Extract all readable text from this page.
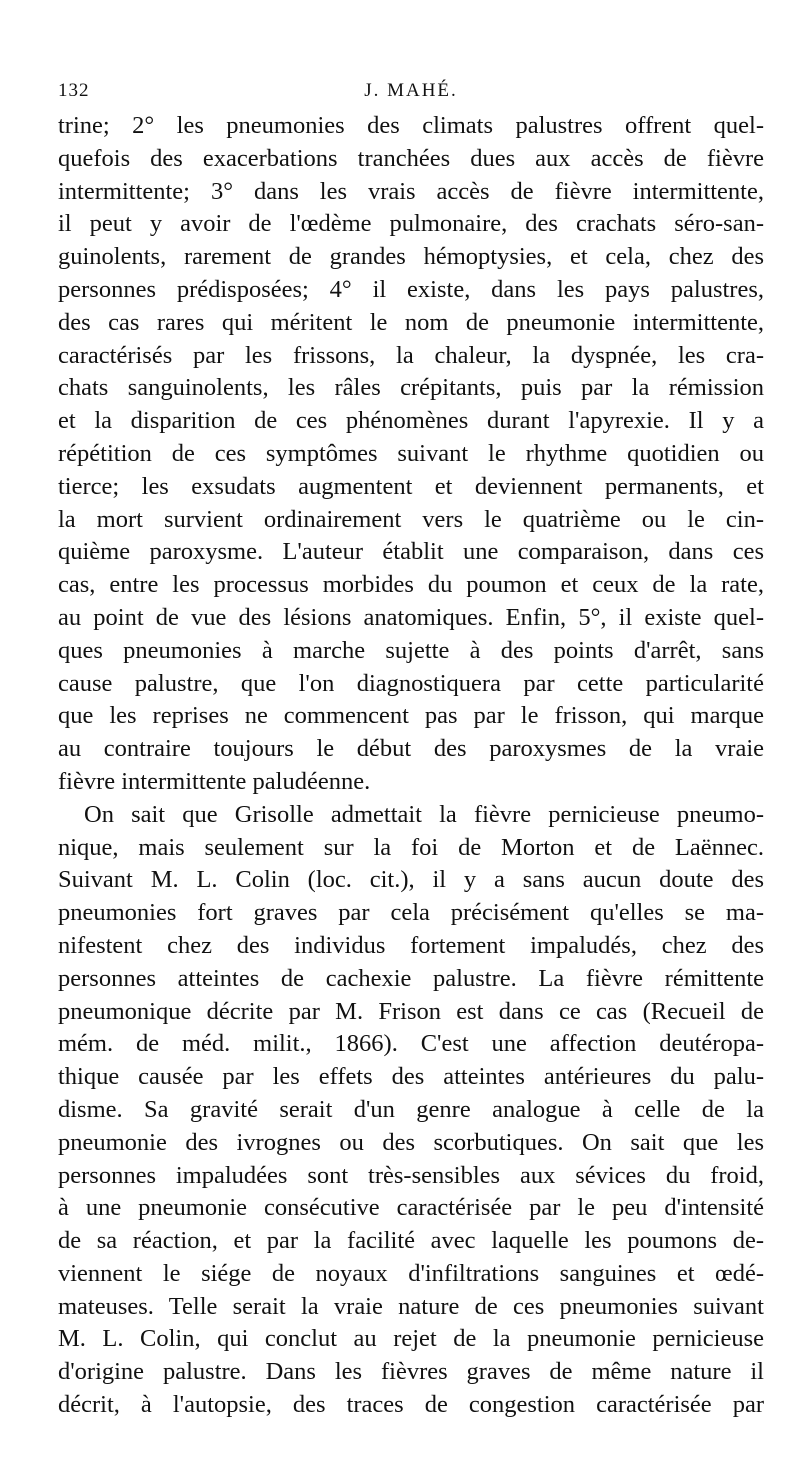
132	J. MAHÉ.
trine; 2° les pneumonies des climats palustres offrent quel-
quefois des exacerbations tranchées dues aux accès de fièvre
intermittente; 3° dans les vrais accès de fièvre intermittente,
il peut y avoir de l'œdème pulmonaire, des crachats séro-san-
guinolents, rarement de grandes hémoptysies, et cela, chez des
personnes prédisposées; 4° il existe, dans les pays palustres,
des cas rares qui méritent le nom de pneumonie intermittente,
caractérisés par les frissons, la chaleur, la dyspnée, les cra-
chats sanguinolents, les râles crépitants, puis par la rémission
et la disparition de ces phénomènes durant l'apyrexie. Il y a
répétition de ces symptômes suivant le rhythme quotidien ou
tierce; les exsudats augmentent et deviennent permanents, et
la mort survient ordinairement vers le quatrième ou le cin-
quième paroxysme. L'auteur établit une comparaison, dans ces
cas, entre les processus morbides du poumon et ceux de la rate,
au point de vue des lésions anatomiques. Enfin, 5°, il existe quel-
ques pneumonies à marche sujette à des points d'arrêt, sans
cause palustre, que l'on diagnostiquera par cette particularité
que les reprises ne commencent pas par le frisson, qui marque
au contraire toujours le début des paroxysmes de la vraie
fièvre intermittente paludéenne.
On sait que Grisolle admettait la fièvre pernicieuse pneumo-
nique, mais seulement sur la foi de Morton et de Laënnec.
Suivant M. L. Colin (loc. cit.), il y a sans aucun doute des
pneumonies fort graves par cela précisément qu'elles se ma-
nifestent chez des individus fortement impaludés, chez des
personnes atteintes de cachexie palustre. La fièvre rémittente
pneumonique décrite par M. Frison est dans ce cas (Recueil de
mém. de méd. milit., 1866). C'est une affection deutéropa-
thique causée par les effets des atteintes antérieures du palu-
disme. Sa gravité serait d'un genre analogue à celle de la
pneumonie des ivrognes ou des scorbutiques. On sait que les
personnes impaludées sont très-sensibles aux sévices du froid,
à une pneumonie consécutive caractérisée par le peu d'intensité
de sa réaction, et par la facilité avec laquelle les poumons de-
viennent le siége de noyaux d'infiltrations sanguines et œdé-
mateuses. Telle serait la vraie nature de ces pneumonies suivant
M. L. Colin, qui conclut au rejet de la pneumonie pernicieuse
d'origine palustre. Dans les fièvres graves de même nature il
décrit, à l'autopsie, des traces de congestion caractérisée par
